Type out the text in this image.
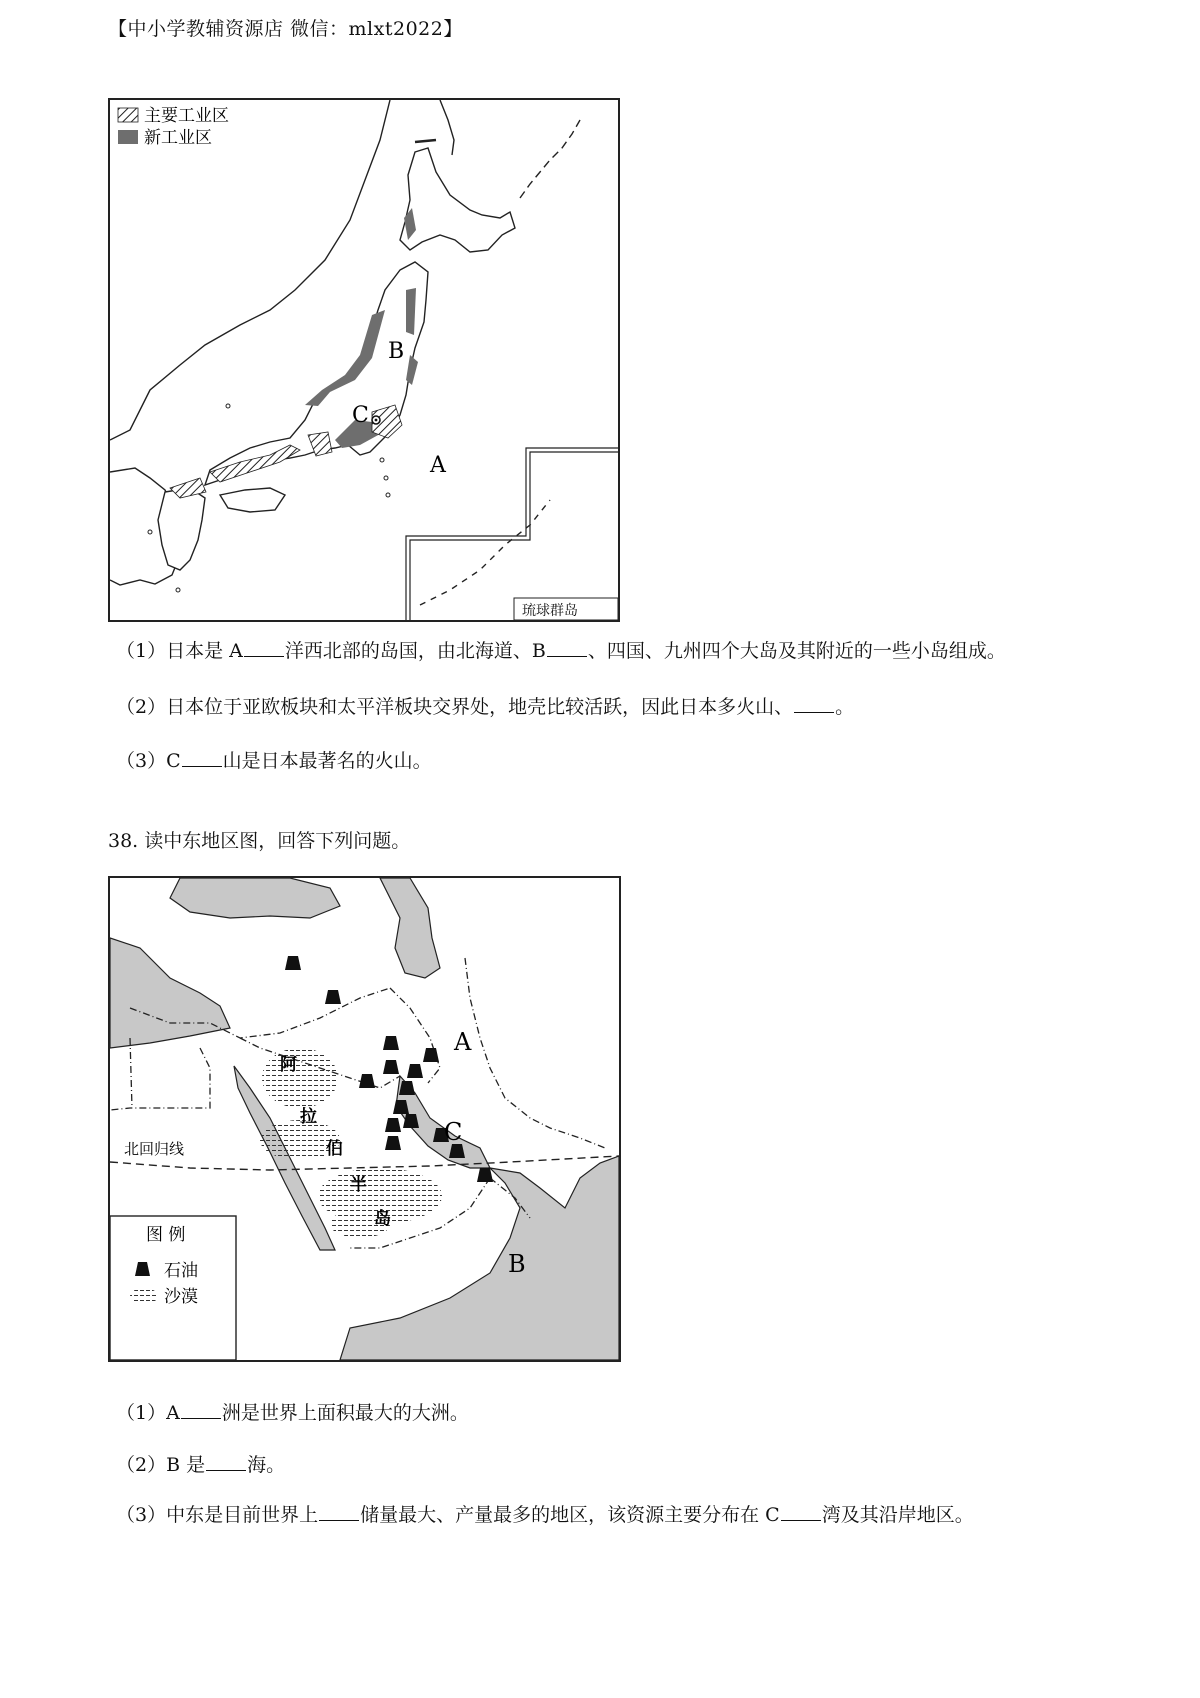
【中小学教辅资源店 微信：mlxt2022】
琉球群岛
A
B
C
主要工业区
新工业区
（1）日本是 A 洋西北部的岛国，由北海道、B 、四国、九州四个大岛及其附近的一些小岛组成。
（2）日本位于亚欧板块和太平洋板块交界处，地壳比较活跃，因此日本多火山、 。
（3）C 山是日本最著名的火山。
38. 读中东地区图，回答下列问题。
北回归线
阿
拉
伯
半
岛
A
B
C
图 例
石油
沙漠
（1）A 洲是世界上面积最大的大洲。
（2）B 是 海。
（3）中东是目前世界上 储量最大、产量最多的地区，该资源主要分布在 C 湾及其沿岸地区。
